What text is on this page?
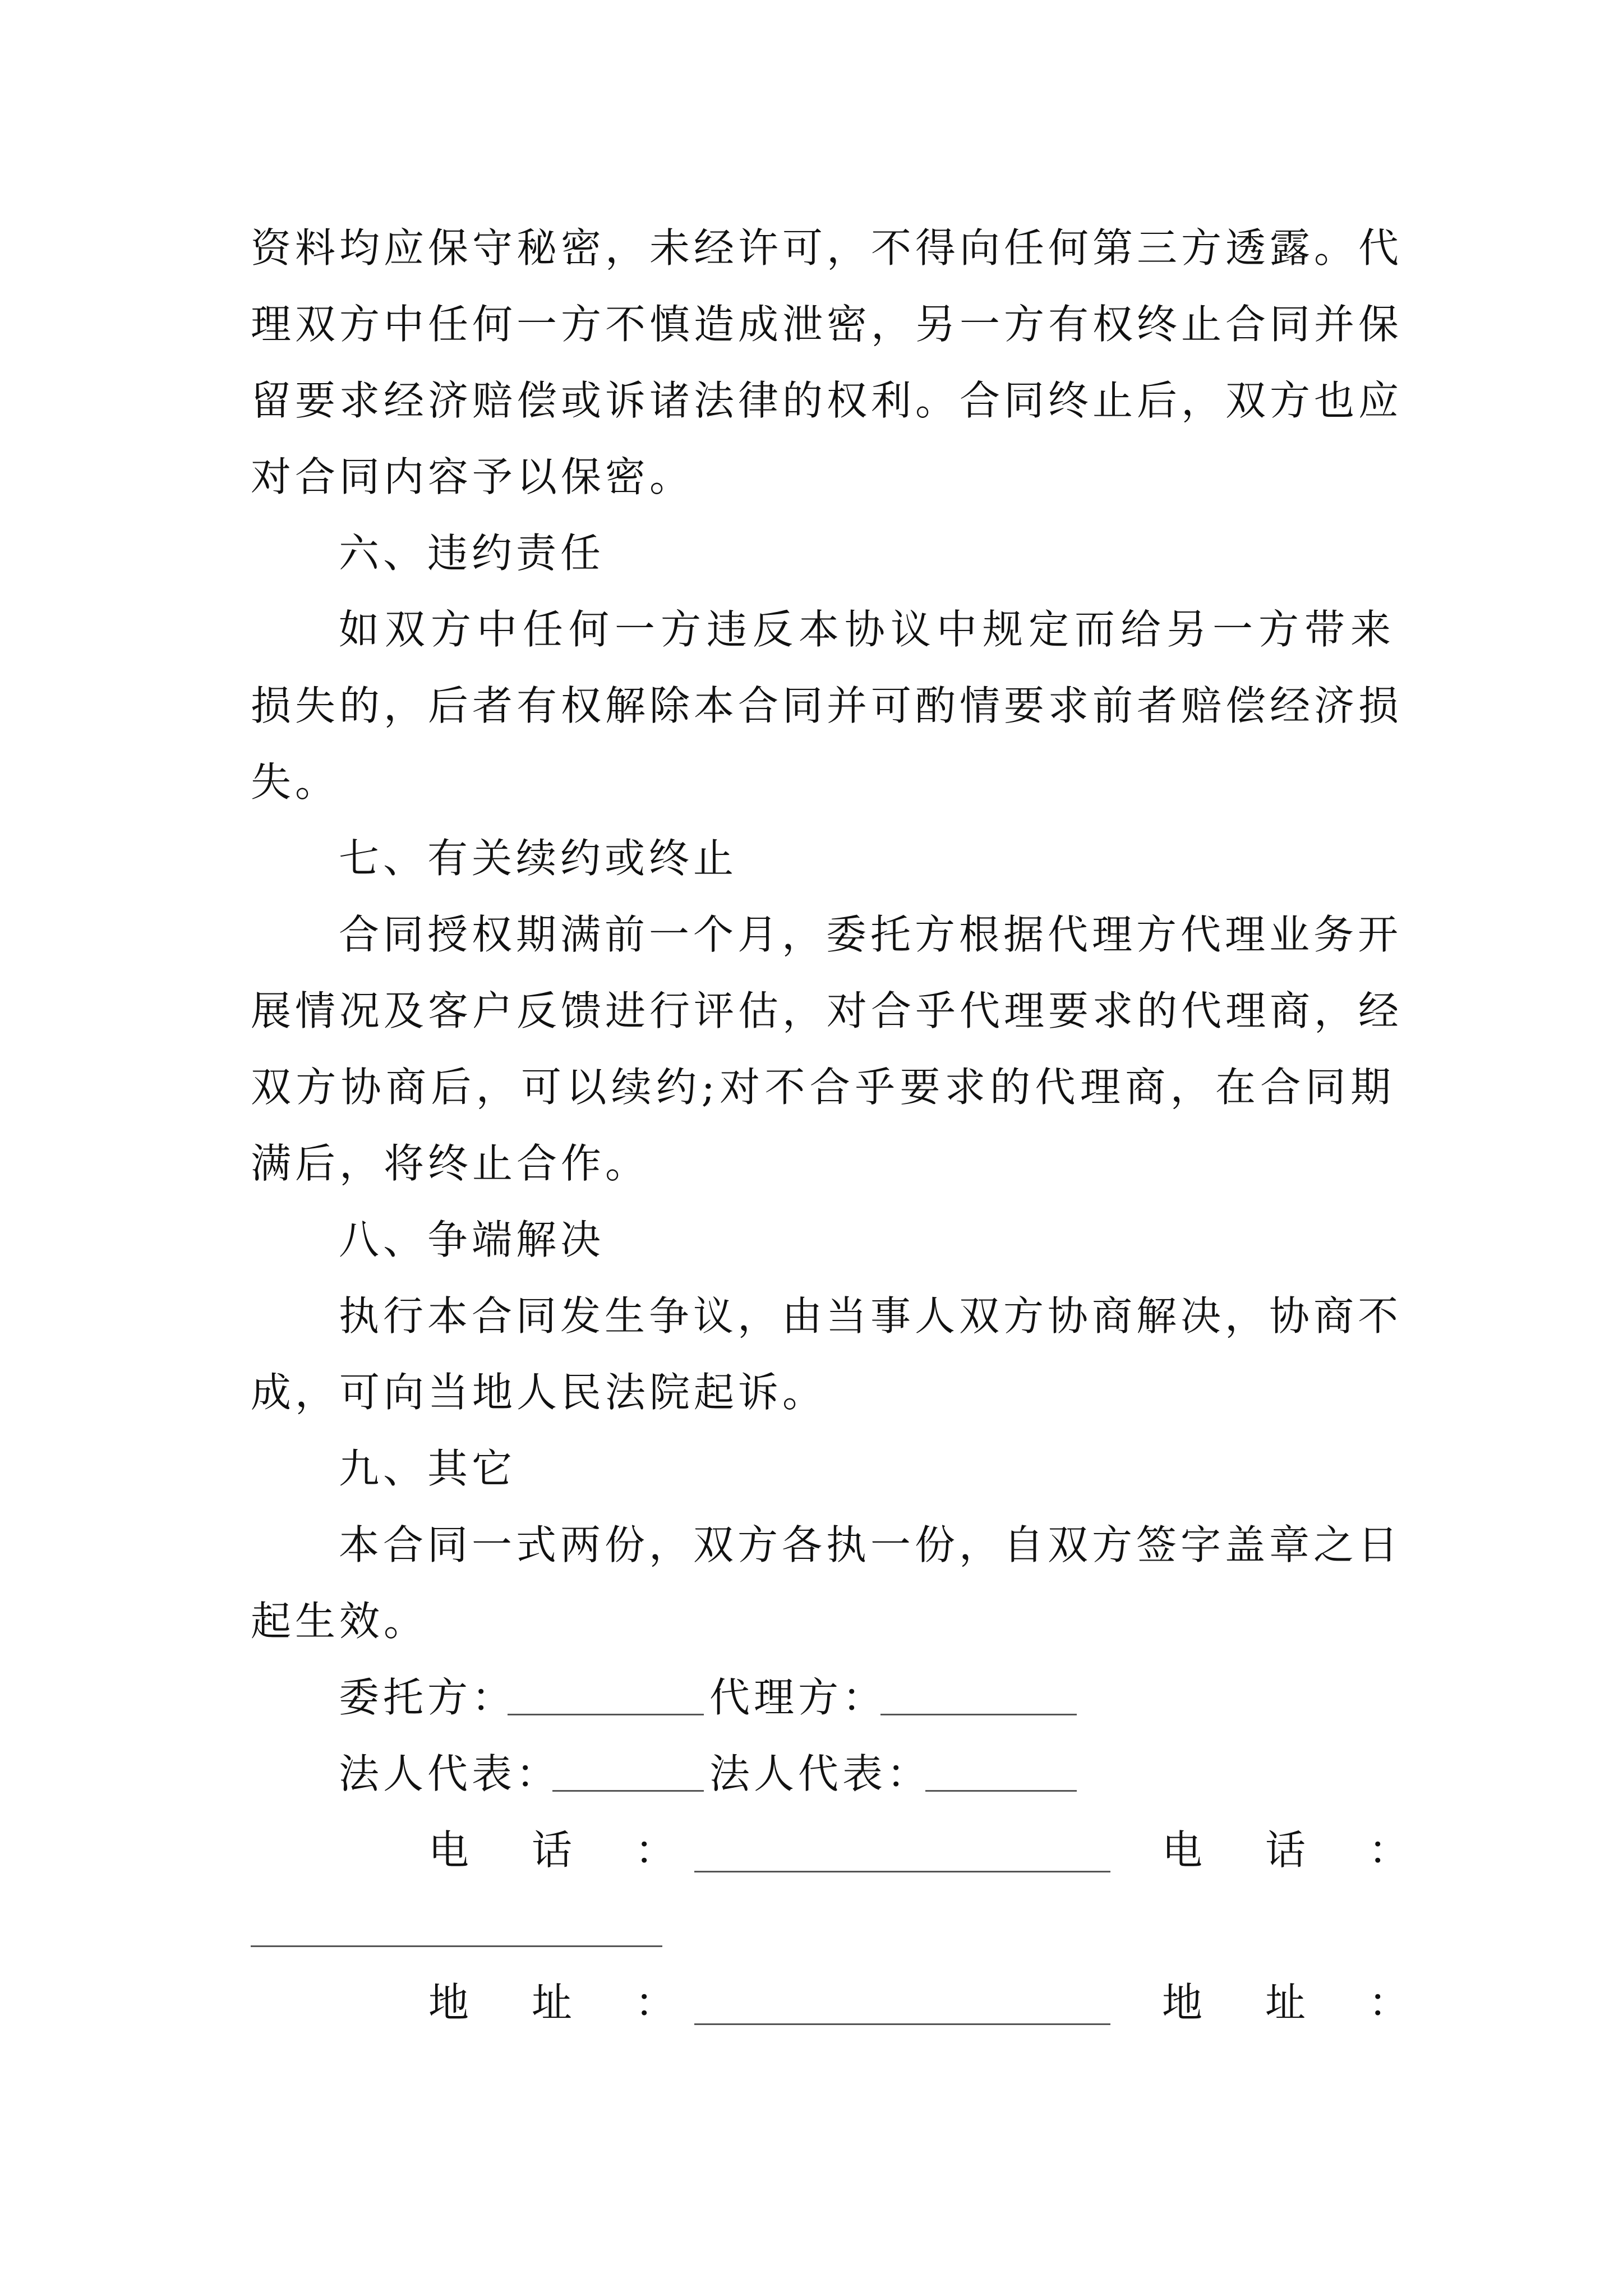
资料均应保守秘密，未经许可，不得向任何第三方透露。代
理双方中任何一方不慎造成泄密，另一方有权终止合同并保
留要求经济赔偿或诉诸法律的权利。合同终止后，双方也应
对合同内容予以保密。
六、违约责任
如双方中任何一方违反本协议中规定而给另一方带来
损失的，后者有权解除本合同并可酌情要求前者赔偿经济损
失。
七、有关续约或终止
合同授权期满前一个月，委托方根据代理方代理业务开
展情况及客户反馈进行评估，对合乎代理要求的代理商，经
双方协商后，可以续约;对不合乎要求的代理商，在合同期
满后，将终止合作。
八、争端解决
执行本合同发生争议，由当事人双方协商解决，协商不
成，可向当地人民法院起诉。
九、其它
本合同一式两份，双方各执一份，自双方签字盖章之日
起生效。
委托方：	代理方：
法人代表：	法人代表：
电　话　：	电　话　：
地　址　：	地　址　：
